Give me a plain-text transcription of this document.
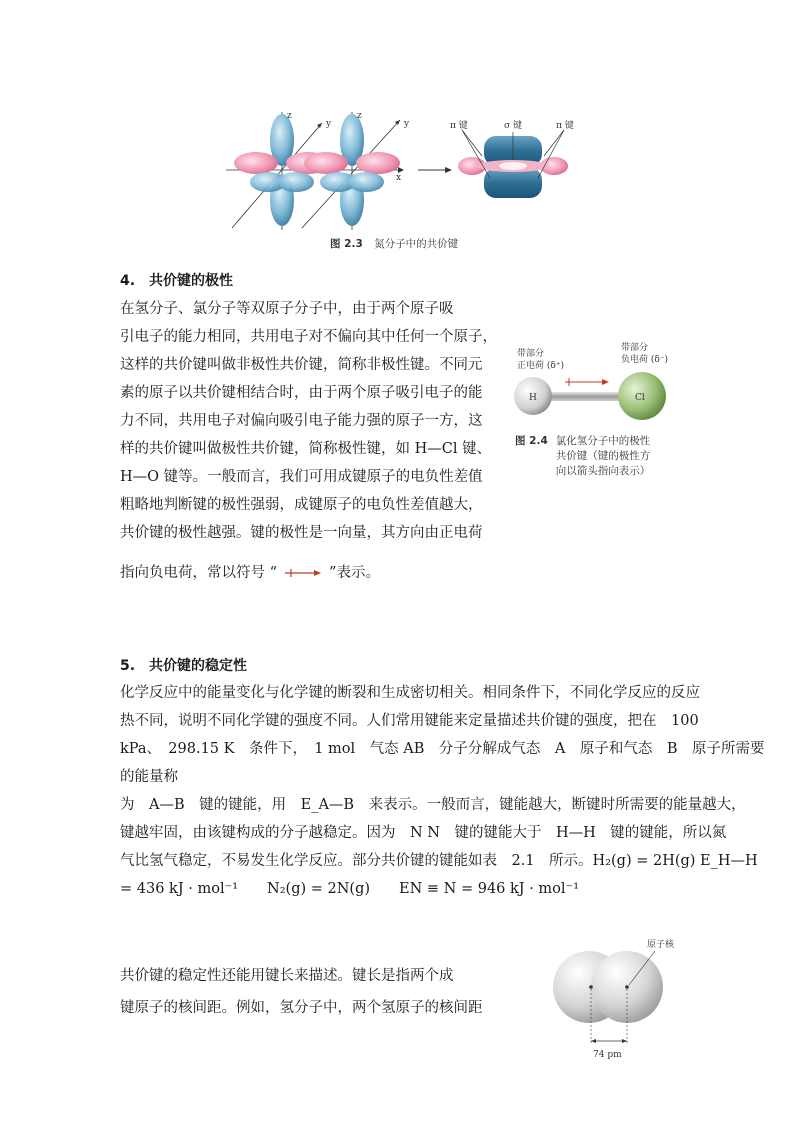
z
y
z
y
x
π 键	σ 键	π 键
图 2.3 氮分子中的共价键
4.　共价键的极性
在氢分子、氯分子等双原子分子中，由于两个原子吸
引电子的能力相同，共用电子对不偏向其中任何一个原子，
这样的共价键叫做非极性共价键，简称非极性键。不同元
素的原子以共价键相结合时，由于两个原子吸引电子的能
力不同，共用电子对偏向吸引电子能力强的原子一方，这
样的共价键叫做极性共价键，简称极性键，如 H—Cl 键、
H—O 键等。一般而言，我们可用成键原子的电负性差值
粗略地判断键的极性强弱，成键原子的电负性差值越大，
共价键的极性越强。键的极性是一向量，其方向由正电荷
指向负电荷，常以符号 “	”表示。
带部分
正电荷 (δ⁺)
带部分
负电荷 (δ⁻)
H	Cl
图 2.4 氯化氢分子中的极性
共价键（键的极性方
向以箭头指向表示）
5.　共价键的稳定性
化学反应中的能量变化与化学键的断裂和生成密切相关。相同条件下，不同化学反应的反应
热不同，说明不同化学键的强度不同。人们常用键能来定量描述共价键的强度，把在　100
kPa、　298.15 K　条件下，　1 mol　气态 AB　分子分解成气态　A　原子和气态　B　原子所需要
的能量称
为　A—B　键的键能，用　E_A—B　来表示。一般而言，键能越大，断键时所需要的能量越大，
键越牢固，由该键构成的分子越稳定。因为　N N　键的键能大于　H—H　键的键能，所以氮
气比氢气稳定，不易发生化学反应。部分共价键的键能如表　2.1　所示。H₂(g) = 2H(g) E_H—H
= 436 kJ · mol⁻¹　　N₂(g) = 2N(g)　　EN ≡ N = 946 kJ · mol⁻¹
共价键的稳定性还能用键长来描述。键长是指两个成
键原子的核间距。例如，氢分子中，两个氢原子的核间距
原子核
74 pm
